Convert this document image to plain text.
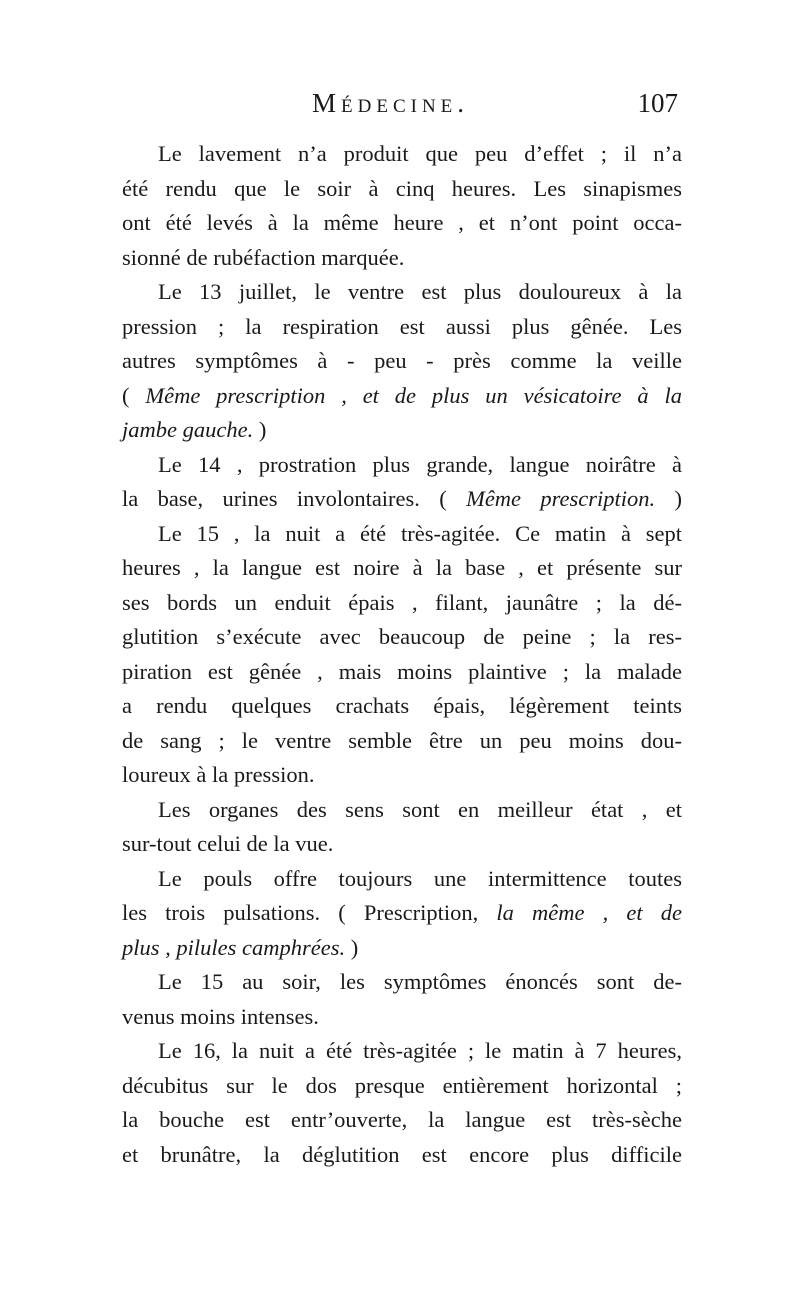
Médecine.	107
Le lavement n’a produit que peu d’effet ; il n’a
été rendu que le soir à cinq heures. Les sinapismes
ont été levés à la même heure , et n’ont point occa-
sionné de rubéfaction marquée.
Le 13 juillet, le ventre est plus douloureux à la
pression ; la respiration est aussi plus gênée. Les
autres symptômes à - peu - près comme la veille
( Même prescription , et de plus un vésicatoire à la
jambe gauche. )
Le 14 , prostration plus grande, langue noirâtre à
la base, urines involontaires. ( Même prescription. )
Le 15 , la nuit a été très-agitée. Ce matin à sept
heures , la langue est noire à la base , et présente sur
ses bords un enduit épais , filant, jaunâtre ; la dé-
glutition s’exécute avec beaucoup de peine ; la res-
piration est gênée , mais moins plaintive ; la malade
a rendu quelques crachats épais, légèrement teints
de sang ; le ventre semble être un peu moins dou-
loureux à la pression.
Les organes des sens sont en meilleur état , et
sur-tout celui de la vue.
Le pouls offre toujours une intermittence toutes
les trois pulsations. ( Prescription, la même , et de
plus , pilules camphrées. )
Le 15 au soir, les symptômes énoncés sont de-
venus moins intenses.
Le 16, la nuit a été très-agitée ; le matin à 7 heures,
décubitus sur le dos presque entièrement horizontal ;
la bouche est entr’ouverte, la langue est très-sèche
et brunâtre, la déglutition est encore plus difficile
